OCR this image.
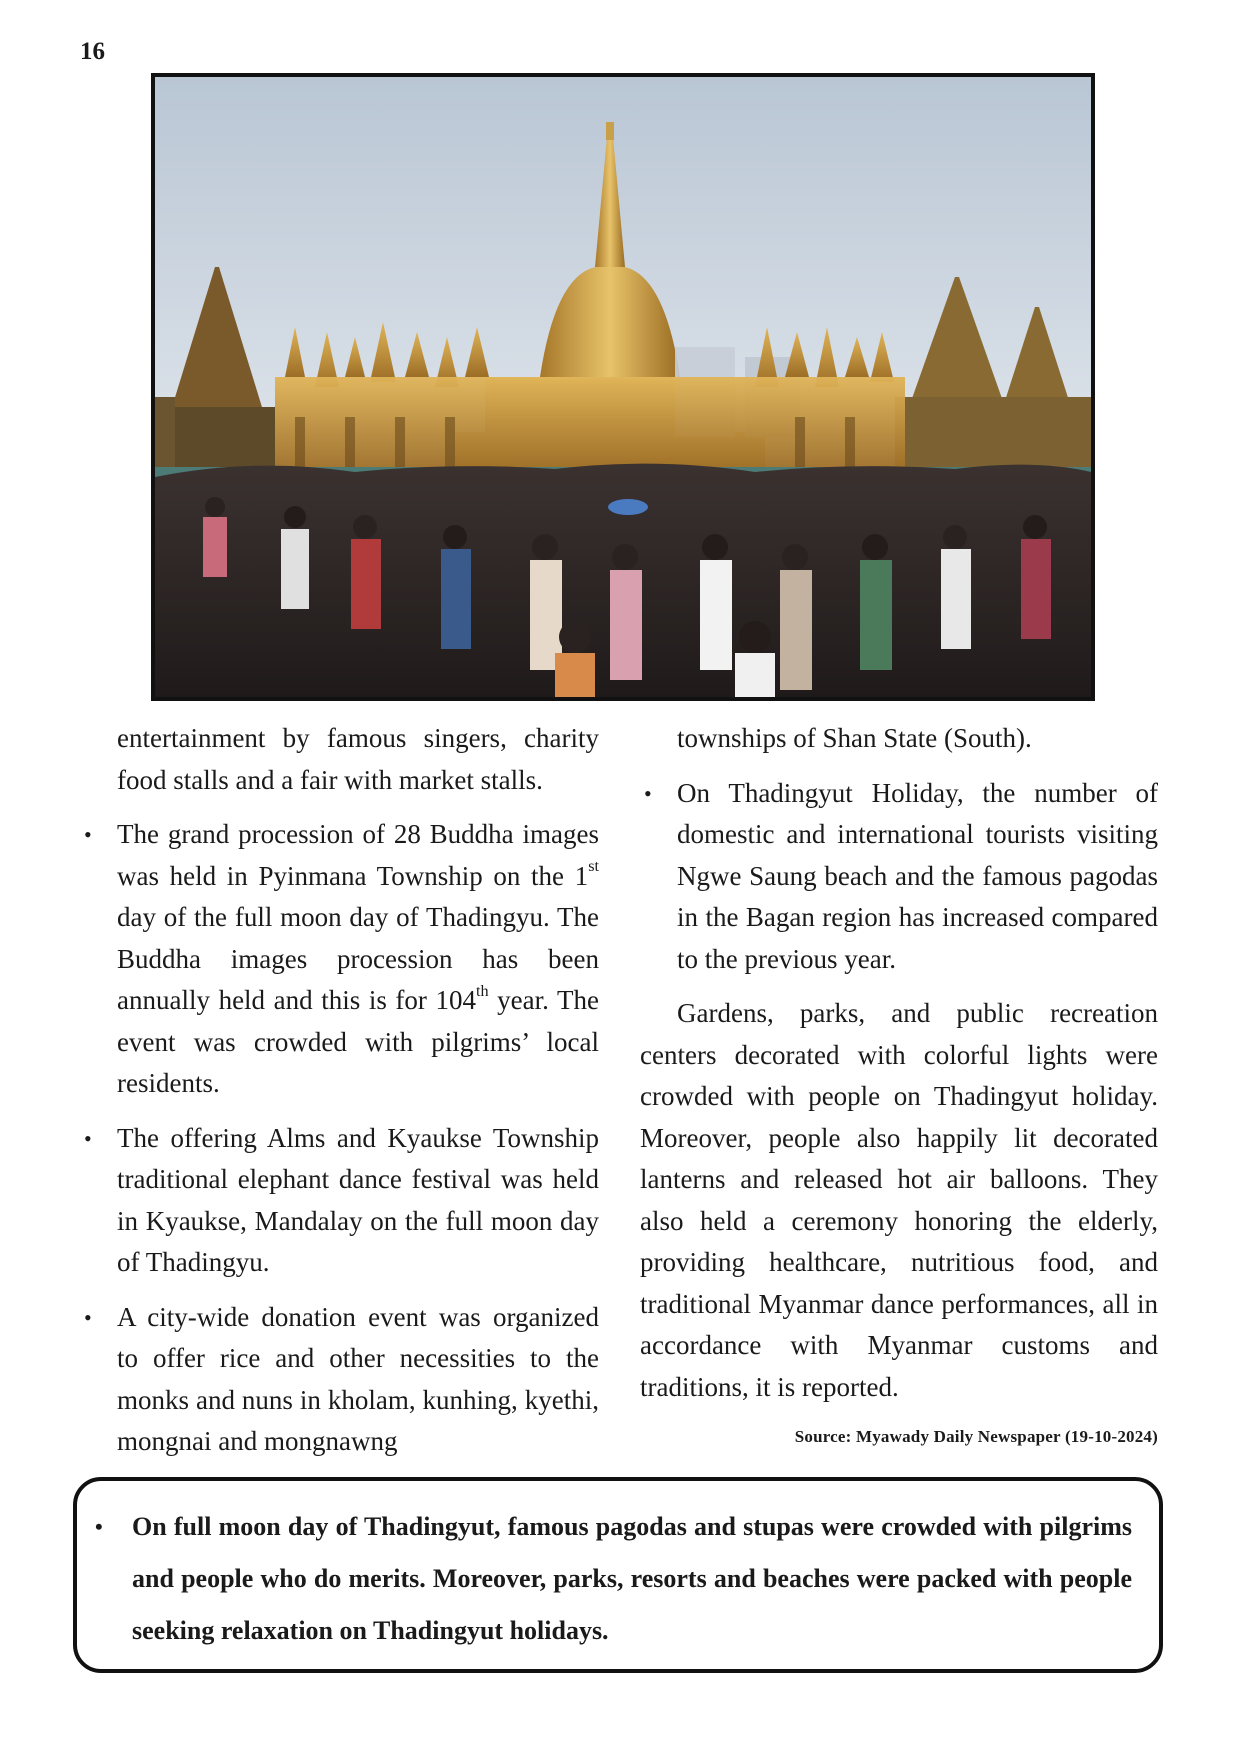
16

entertainment by famous singers, charity food stalls and a fair with market stalls.

• The grand procession of 28 Buddha images was held in Pyinmana Township on the 1st day of the full moon day of Thadingyu. The Buddha images procession has been annually held and this is for 104th year. The event was crowded with pilgrims’ local residents.
• The offering Alms and Kyaukse Township traditional elephant dance festival was held in Kyaukse, Mandalay on the full moon day of Thadingyu.
• A city-wide donation event was organized to offer rice and other necessities to the monks and nuns in kholam, kunhing, kyethi, mongnai and mongnawng

townships of Shan State (South).

• On Thadingyut Holiday, the number of domestic and international tourists visiting Ngwe Saung beach and the famous pagodas in the Bagan region has increased compared to the previous year.

Gardens, parks, and public recreation centers decorated with colorful lights were crowded with people on Thadingyut holiday. Moreover, people also happily lit decorated lanterns and released hot air balloons. They also held a ceremony honoring the elderly, providing healthcare, nutritious food, and traditional Myanmar dance performances, all in accordance with Myanmar customs and traditions, it is reported.

Source: Myawady Daily Newspaper (19-10-2024)
• On full moon day of Thadingyut, famous pagodas and stupas were crowded with pilgrims and people who do merits. Moreover, parks, resorts and beaches were packed with people seeking relaxation on Thadingyut holidays.
